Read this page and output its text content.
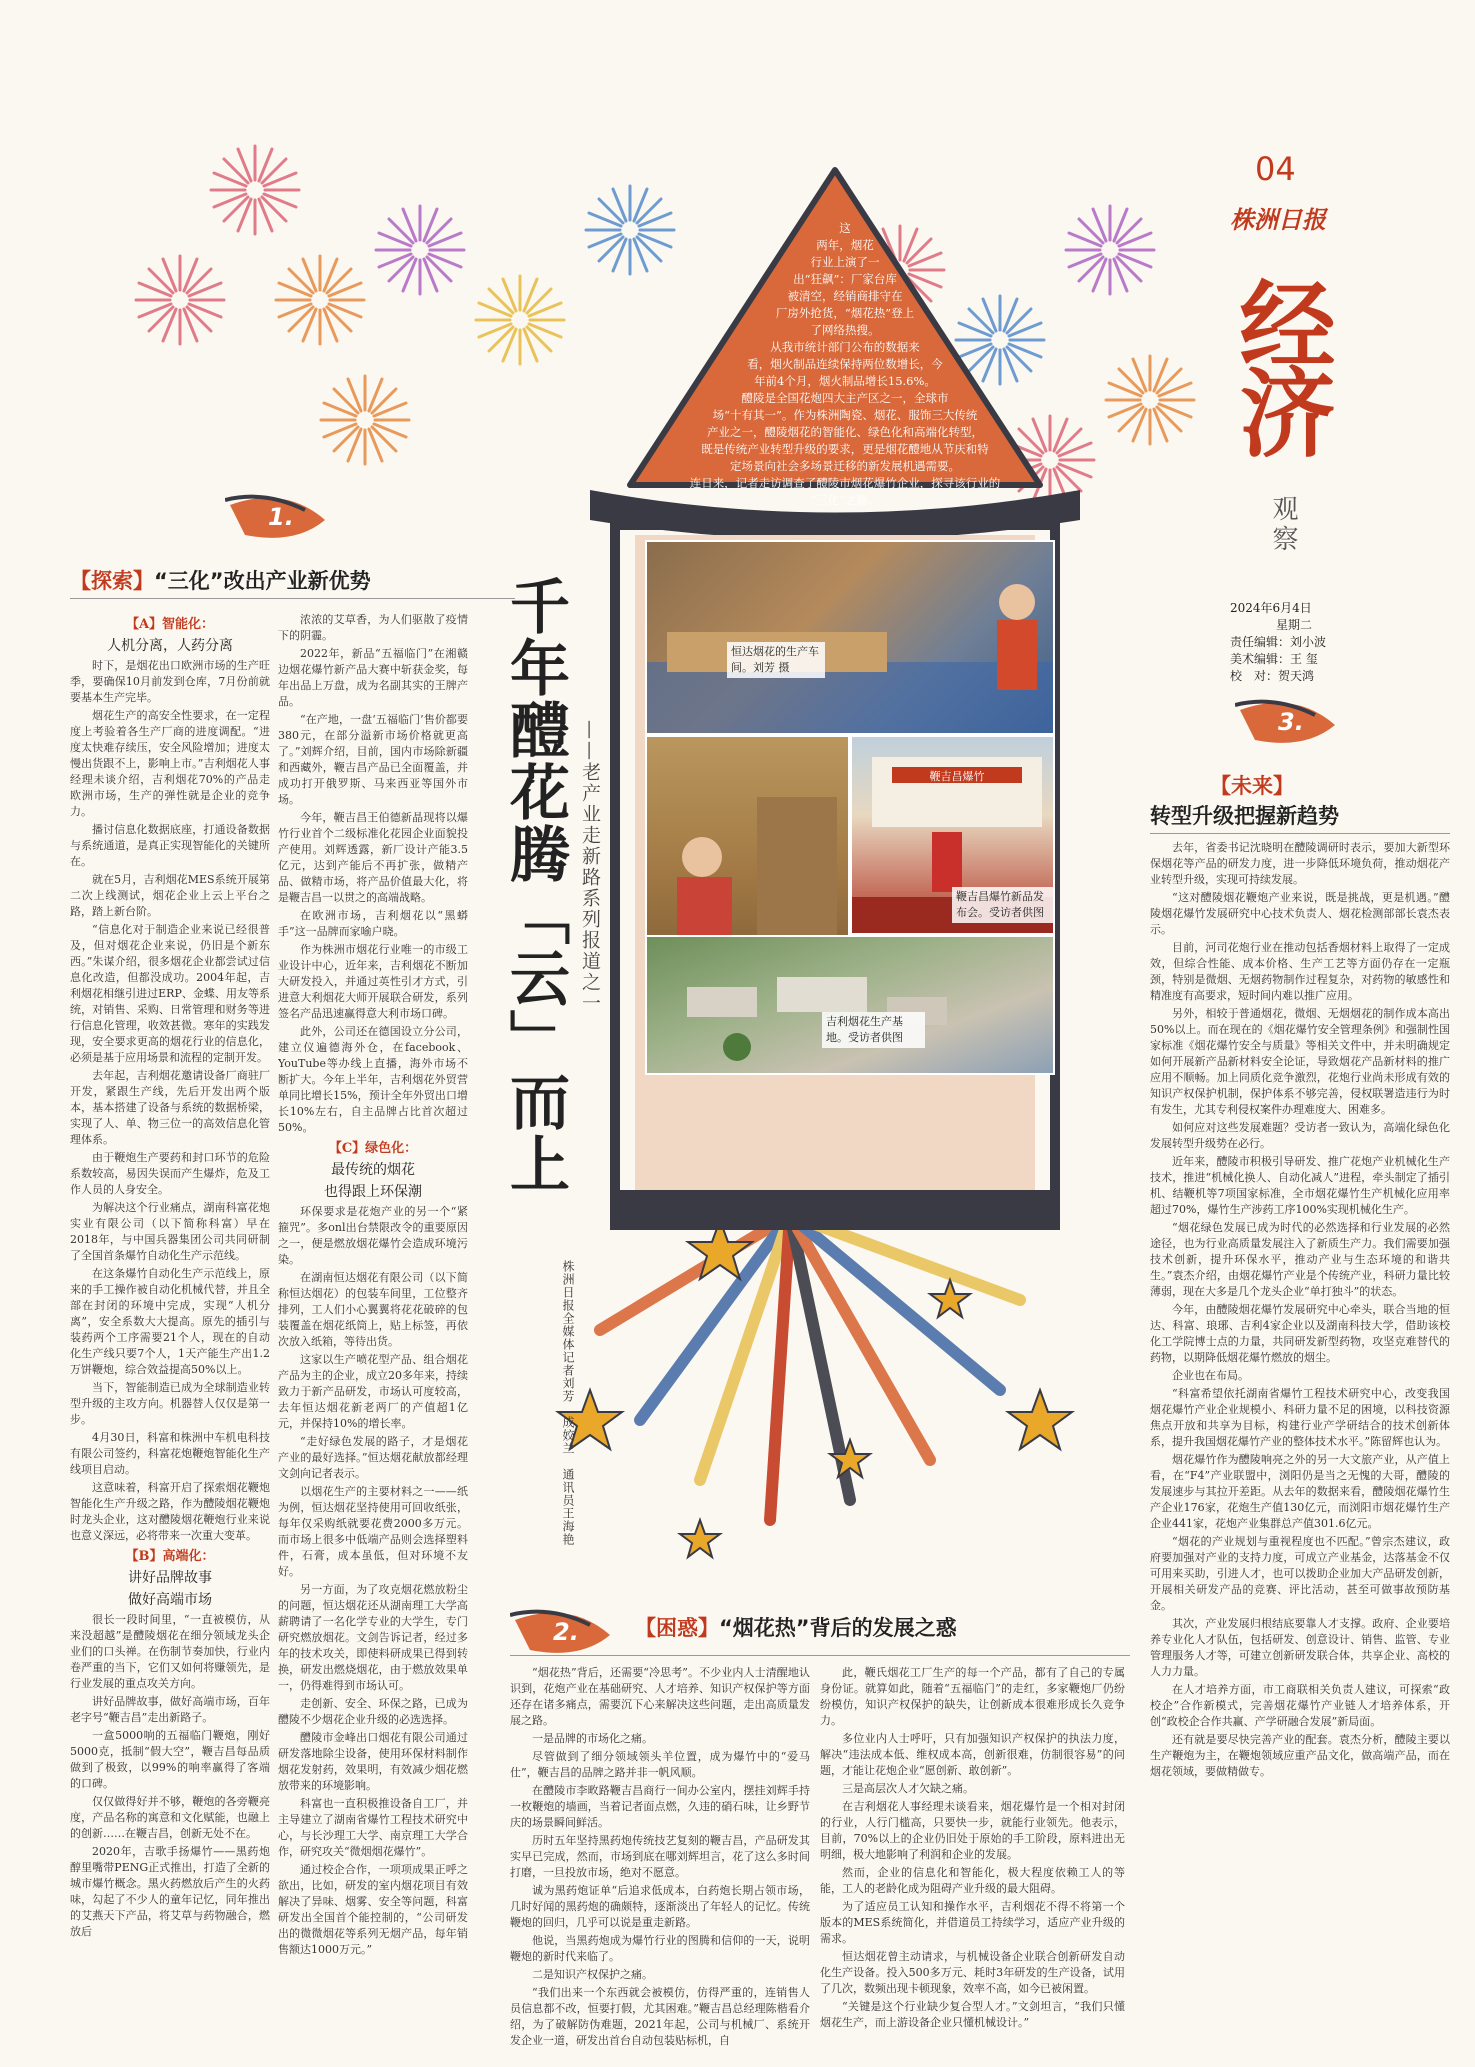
这
两年，烟花
行业上演了一
出“狂飙”：厂家台库
被清空，经销商排守在
厂房外抢货，“烟花热”登上
了网络热搜。
从我市统计部门公布的数据来
看，烟火制品连续保持两位数增长，今
年前4个月，烟火制品增长15.6%。
醴陵是全国花炮四大主产区之一，全球市
场“十有其一”。作为株洲陶瓷、烟花、服饰三大传统
产业之一，醴陵烟花的智能化、绿色化和高端化转型，
既是传统产业转型升级的要求，更是烟花醴地从节庆和特
定场景向社会多场景迁移的新发展机遇需要。
连日来，记者走访调查了醴陵市烟花爆竹企业，探寻该行业的
“三化”之路。
恒达烟花的生产车间。刘芳 摄
鞭吉昌爆竹
鞭吉昌爆竹新品发布会。受访者供图
吉利烟花生产基地。受访者供图
04
株洲日报
经济
观察
2024年6月4日
星期二
责任编辑：刘小波
美术编辑：王 玺
校　对：贺天鸿
千年醴花腾「云」而上 ——老产业走新路系列报道之一
株洲日报全媒体记者刘芳　成姣兰　通讯员王海艳
1.
【探索】“三化”改出产业新优势
【A】智能化：
人机分离，人药分离

时下，是烟花出口欧洲市场的生产旺季，要确保10月前发到仓库，7月份前就要基本生产完毕。

烟花生产的高安全性要求，在一定程度上考验着各生产厂商的进度调配。“进度太快难存续压，安全风险增加；进度太慢出货跟不上，影响上市。”吉利烟花人事经理未谈介绍，吉利烟花70%的产品走欧洲市场，生产的弹性就是企业的竞争力。

播讨信息化数据底座，打通设备数据与系统通道，是真正实现智能化的关键所在。

就在5月，吉利烟花MES系统开展第二次上线测试，烟花企业上云上平台之路，踏上新台阶。

“信息化对于制造企业来说已经很普及，但对烟花企业来说，仍旧是个新东西。”朱谋介绍，很多烟花企业都尝试过信息化改造，但都没成功。2004年起，吉利烟花相继引进过ERP、金蝶、用友等系统，对销售、采购、日常管理和财务等进行信息化管理，收效甚微。寒年的实践发现，安全要求更高的烟花行业的信息化，必须是基于应用场景和流程的定制开发。

去年起，吉利烟花邀请设备厂商驻厂开发，紧跟生产线，先后开发出两个版本，基本搭建了设备与系统的数据桥梁，实现了人、单、物三位一的高效信息化管理体系。

由于鞭炮生产要药和封口环节的危险系数较高，易因失误而产生爆炸，危及工作人员的人身安全。

为解决这个行业痛点，湖南科富花炮实业有限公司（以下简称科富）早在2018年，与中国兵器集团公司共同研制了全国首条爆竹自动化生产示范线。

在这条爆竹自动化生产示范线上，原来的手工操作被自动化机械代替，并且全部在封闭的环境中完成，实现“人机分离”，安全系数大大提高。原先的插引与装药两个工序需要21个人，现在的自动化生产线只要7个人，1天产能生产出1.2万饼鞭炮，综合效益提高50%以上。

当下，智能制造已成为全球制造业转型升级的主攻方向。机器替人仅仅是第一步。

4月30日，科富和株洲中车机电科技有限公司签约，科富花炮鞭炮智能化生产线项目启动。

这意味着，科富开启了探索烟花鞭炮智能化生产升级之路，作为醴陵烟花鞭炮时龙头企业，这对醴陵烟花鞭炮行业来说也意义深远，必将带来一次重大变革。

【B】高端化：
讲好品牌故事
做好高端市场

很长一段时间里，“一直被模仿，从来没超越”是醴陵烟花在细分领域龙头企业们的口头禅。在伤制节奏加快，行业内卷严重的当下，它们又如何将赚领先，是行业发展的重点攻关方向。

讲好品牌故事，做好高端市场，百年老字号“鞭吉昌”走出新路子。

一盒5000响的五福临门鞭炮，刚好5000克，抵制“假大空”，鞭吉昌每品质做到了极致，以99%的响率赢得了客端的口碑。

仅仅做得好并不够，鞭炮的各旁鞭亮度，产品名称的寓意和文化赋能，也融上的创新……在鞭吉昌，创新无处不在。

2020年，吉歌手扬爆竹——黑药炮醇里嘴带PENG正式推出，打造了全新的城市爆竹概念。黑火药燃放后产生的火药味，勾起了不少人的童年记忆，同年推出的艾燕天下产品，将艾草与药物融合，燃放后

浓浓的艾草香，为人们驱散了疫情下的阴霾。

2022年，新品“五福临门”在湘赣边烟花爆竹新产品大赛中斩获金奖，每年出品上万盘，成为名副其实的王牌产品。

“在产地，一盘‘五福临门’售价都要380元，在部分溢新市场价格就更高了。”刘辉介绍，目前，国内市场除新疆和西藏外，鞭吉昌产品已全面覆盖，并成功打开俄罗斯、马来西亚等国外市场。

今年，鞭吉昌王伯德新晶现将以爆竹行业首个二级标准化花园企业面貌投产使用。刘辉透露，新厂设计产能3.5亿元，达到产能后不再扩张，做精产品、做精市场，将产品价值最大化，将是鞭吉昌一以贯之的高端战略。

在欧洲市场，吉利烟花以“黑蟒手”这一品牌而家喻户晓。

作为株洲市烟花行业唯一的市级工业设计中心，近年来，吉利烟花不断加大研发投入，并通过英性引才方式，引进意大利烟花大师开展联合研发，系列签名产品迅速赢得意大利市场口碑。

此外，公司还在德国设立分公司，建立仪遍德海外仓，在facebook、YouTube等办线上直播，海外市场不断扩大。今年上半年，吉利烟花外贸营单同比增长15%，预计全年外贸出口增长10%左右，自主品牌占比首次超过50%。

【C】绿色化：
最传统的烟花
也得跟上环保潮

环保要求是花炮产业的另一个“紧箍咒”。多onl出台禁限改令的重要原因之一，便是燃放烟花爆竹会造成环境污染。

在湖南恒达烟花有限公司（以下简称恒达烟花）的包装车间里，工位整齐排列，工人们小心翼翼将花花破碎的包装覆盖在烟花纸筒上，贴上标签，再依次放入纸箱，等待出货。

这家以生产喷花型产品、组合烟花产品为主的企业，成立20多年来，持续致力于新产品研发，市场认可度较高，去年恒达烟花新老两厂的产值超1亿元，并保持10%的增长率。

“走好绿色发展的路子，才是烟花产业的最好选择。”恒达烟花献放都经理文剑向记者表示。

以烟花生产的主要材料之一——纸为例，恒达烟花坚持使用可回收纸张，每年仅采购纸就要花费2000多万元。而市场上很多中低端产品则会选择塑料件，石膏，成本虽低，但对环境不友好。

另一方面，为了攻克烟花燃放粉尘的问题，恒达烟花还从湖南理工大学高薪聘请了一名化学专业的大学生，专门研究燃放烟花。文剑告诉记者，经过多年的技术攻关，即使料研成果已得到转换，研发出燃烧烟花，由于燃放效果单一，仍得难得到市场认可。

走创新、安全、环保之路，已成为醴陵不少烟花企业升级的必选选择。

醴陵市金峰出口烟花有限公司通过研发落地除尘设备，使用环保材料制作烟花发射药，效果明，有效减少烟花燃放带来的环境影响。

科富也一直积极推设备自工厂，并主导建立了湖南省爆竹工程技术研究中心，与长沙理工大学、南京理工大学合作，研究攻关“微烟烟花爆竹”。

通过校企合作，一项项成果正呼之欲出，比如，研发的室内烟花项目有效解决了异味、烟雾、安全等问题，科富研发出全国首个能控制的，“公司研发出的微微烟花等系列无烟产品，每年销售额达1000万元。”

2.	【困惑】“烟花热”背后的发展之惑

“烟花热”背后，还需要“冷思考”。不少业内人士清醒地认识到，花炮产业在基础研究、人才培养、知识产权保护等方面还存在诸多痛点，需要沉下心来解决这些问题，走出高质量发展之路。

一是品牌的市场化之痛。

尽管做到了细分领域领头羊位置，成为爆竹中的“爱马仕”，鞭吉昌的品牌之路并非一帆风顺。

在醴陵市李畋路鞭吉昌商行一间办公室内，摆挂刘辉手持一枚鞭炮的墙画，当着记者面点燃，久违的硝石味，让乡野节庆的场景瞬间鲜活。

历时五年坚持黑药炮传统技艺复刻的鞭吉昌，产品研发其实早已完成，然而，市场到底在哪刘辉坦言，花了这么多时间打磨，一旦投放市场，绝对不愿意。

诚为黑药炮证单“后追求低成本，白药炮长期占领市场，几时好闻的黑药炮的确颇特，逐渐淡出了年轻人的记忆。传统鞭炮的回归，几乎可以说是重走新路。

他说，当黑药炮成为爆竹行业的图腾和信仰的一天，说明鞭炮的新时代来临了。

二是知识产权保护之痛。

“我们出来一个东西就会被模仿，仿得严重的，连销售人员信息都不改，恒要打假，尤其困难。”鞭吉昌总经理陈楷看介绍，为了破解防伪难题，2021年起，公司与机械厂、系统开发企业一道，研发出首台自动包装贴标机，自

此，鞭氏烟花工厂生产的每一个产品，都有了自己的专属身份证。就算如此，随着“五福临门”的走红，多家鞭炮厂仍纷纷模仿，知识产权保护的缺失，让创新成本很难形成长久竞争力。

多位业内人士呼吁，只有加强知识产权保护的执法力度，解决“违法成本低、维权成本高，创新很难，仿制很容易”的问题，才能让花炮企业“愿创新、敢创新”。

三是高层次人才欠缺之痛。

在吉利烟花人事经理未谈看来，烟花爆竹是一个相对封闭的行业，人行门槛高，只要快一步，就能行业领先。他表示，目前，70%以上的企业仍旧处于原始的手工阶段，原料进出无明细，极大地影响了利润和企业的发展。

然而，企业的信息化和智能化，极大程度依赖工人的等能，工人的老龄化成为阻碍产业升级的最大阻碍。

为了适应员工认知和操作水平，吉利烟花不得不将第一个版本的MES系统简化，并借道员工持续学习，适应产业升级的需求。

恒达烟花曾主动请求，与机械设备企业联合创新研发自动化生产设备。投入500多万元、耗时3年研发的生产设备，试用了几次，数频出现卡顿现象，效率不高，如今已被闲置。

“关键是这个行业缺少复合型人才。”文剑坦言，“我们只懂烟花生产，而上游设备企业只懂机械设计。”

3.
【未来】
转型升级把握新趋势

去年，省委书记沈晓明在醴陵调研时表示，要加大新型环保烟花等产品的研发力度，进一步降低环境负荷，推动烟花产业转型升级，实现可持续发展。

“这对醴陵烟花鞭炮产业来说，既是挑战，更是机遇。”醴陵烟花爆竹发展研究中心技术负责人、烟花检测部部长袁杰表示。

目前，河司花炮行业在推动包括香烟材料上取得了一定成效，但综合性能、成本价格、生产工艺等方面仍存在一定瓶颈，特别是微烟、无烟药物制作过程复杂，对药物的敏感性和精准度有高要求，短时间内难以推广应用。

另外，相较于普通烟花，微烟、无烟烟花的制作成本高出50%以上。而在现在的《烟花爆竹安全管理条例》和强制性国家标准《烟花爆竹安全与质量》等相关文件中，并未明确规定如何开展新产品新材料安全论证，导致烟花产品新材料的推广应用不顺畅。加上同质化竞争激烈，花炮行业尚未形成有效的知识产权保护机制，保护体系不够完善，侵权联署造违行为时有发生，尤其专利侵权案件办理难度大、困难多。

如何应对这些发展难题？受访者一致认为，高端化绿色化发展转型升级势在必行。

近年来，醴陵市积极引导研发、推广花炮产业机械化生产技术，推进“机械化换人、自动化减人”进程，牵头制定了插引机、结鞭机等7项国家标准，全市烟花爆竹生产机械化应用率超过70%，爆竹生产涉药工序100%实现机械化生产。

“烟花绿色发展已成为时代的必然选择和行业发展的必然途径，也为行业高质量发展注入了新质生产力。我们需要加强技术创新，提升环保水平，推动产业与生态环境的和谐共生。”袁杰介绍，由烟花爆竹产业是个传统产业，科研力量比较薄弱，现在大多是几个龙头企业“单打独斗”的状态。

今年，由醴陵烟花爆竹发展研究中心牵头，联合当地的恒达、科富、琅琊、吉利4家企业以及湖南科技大学，借助该校化工学院博士点的力量，共同研发新型药物，攻坚克难替代的药物，以期降低烟花爆竹燃放的烟尘。

企业也在布局。

“科富希望依托湖南省爆竹工程技术研究中心，改变我国烟花爆竹产业企业规模小、科研力量不足的困境，以科技资源焦点开放和共享为目标，构建行业产学研结合的技术创新体系，提升我国烟花爆竹产业的整体技术水平。”陈留辉也认为。

烟花爆竹作为醴陵响亮之外的另一大文旅产业，从产值上看，在“F4”产业联盟中，浏阳仍是当之无愧的大哥，醴陵的发展速步与其拉开差距。从去年的数据来看，醴陵烟花爆竹生产企业176家，花炮生产值130亿元，而浏阳市烟花爆竹生产企业441家，花炮产业集群总产值301.6亿元。

“烟花的产业规划与重视程度也不匹配。”曾宗杰建议，政府要加强对产业的支持力度，可成立产业基金，达落基金不仅可用来买助，引进人才，也可以拨助企业加大产品研发创新，开展相关研发产品的竞赛、评比活动，甚至可做事故预防基金。

其次，产业发展归根结底要靠人才支撑。政府、企业要培养专业化人才队伍，包括研发、创意设计、销售、监管、专业管理服务人才等，可建立创新研发联合体，共享企业、高校的人力力量。

在人才培养方面，市工商联相关负责人建议，可探索“政校企”合作新模式，完善烟花爆竹产业链人才培养体系，开创“政校企合作共赢、产学研融合发展”新局面。

还有就是要尽快完善产业的配套。袁杰分析，醴陵主要以生产鞭炮为主，在鞭炮领域应重产品文化，做高端产品，而在烟花领域，要做精做专。
